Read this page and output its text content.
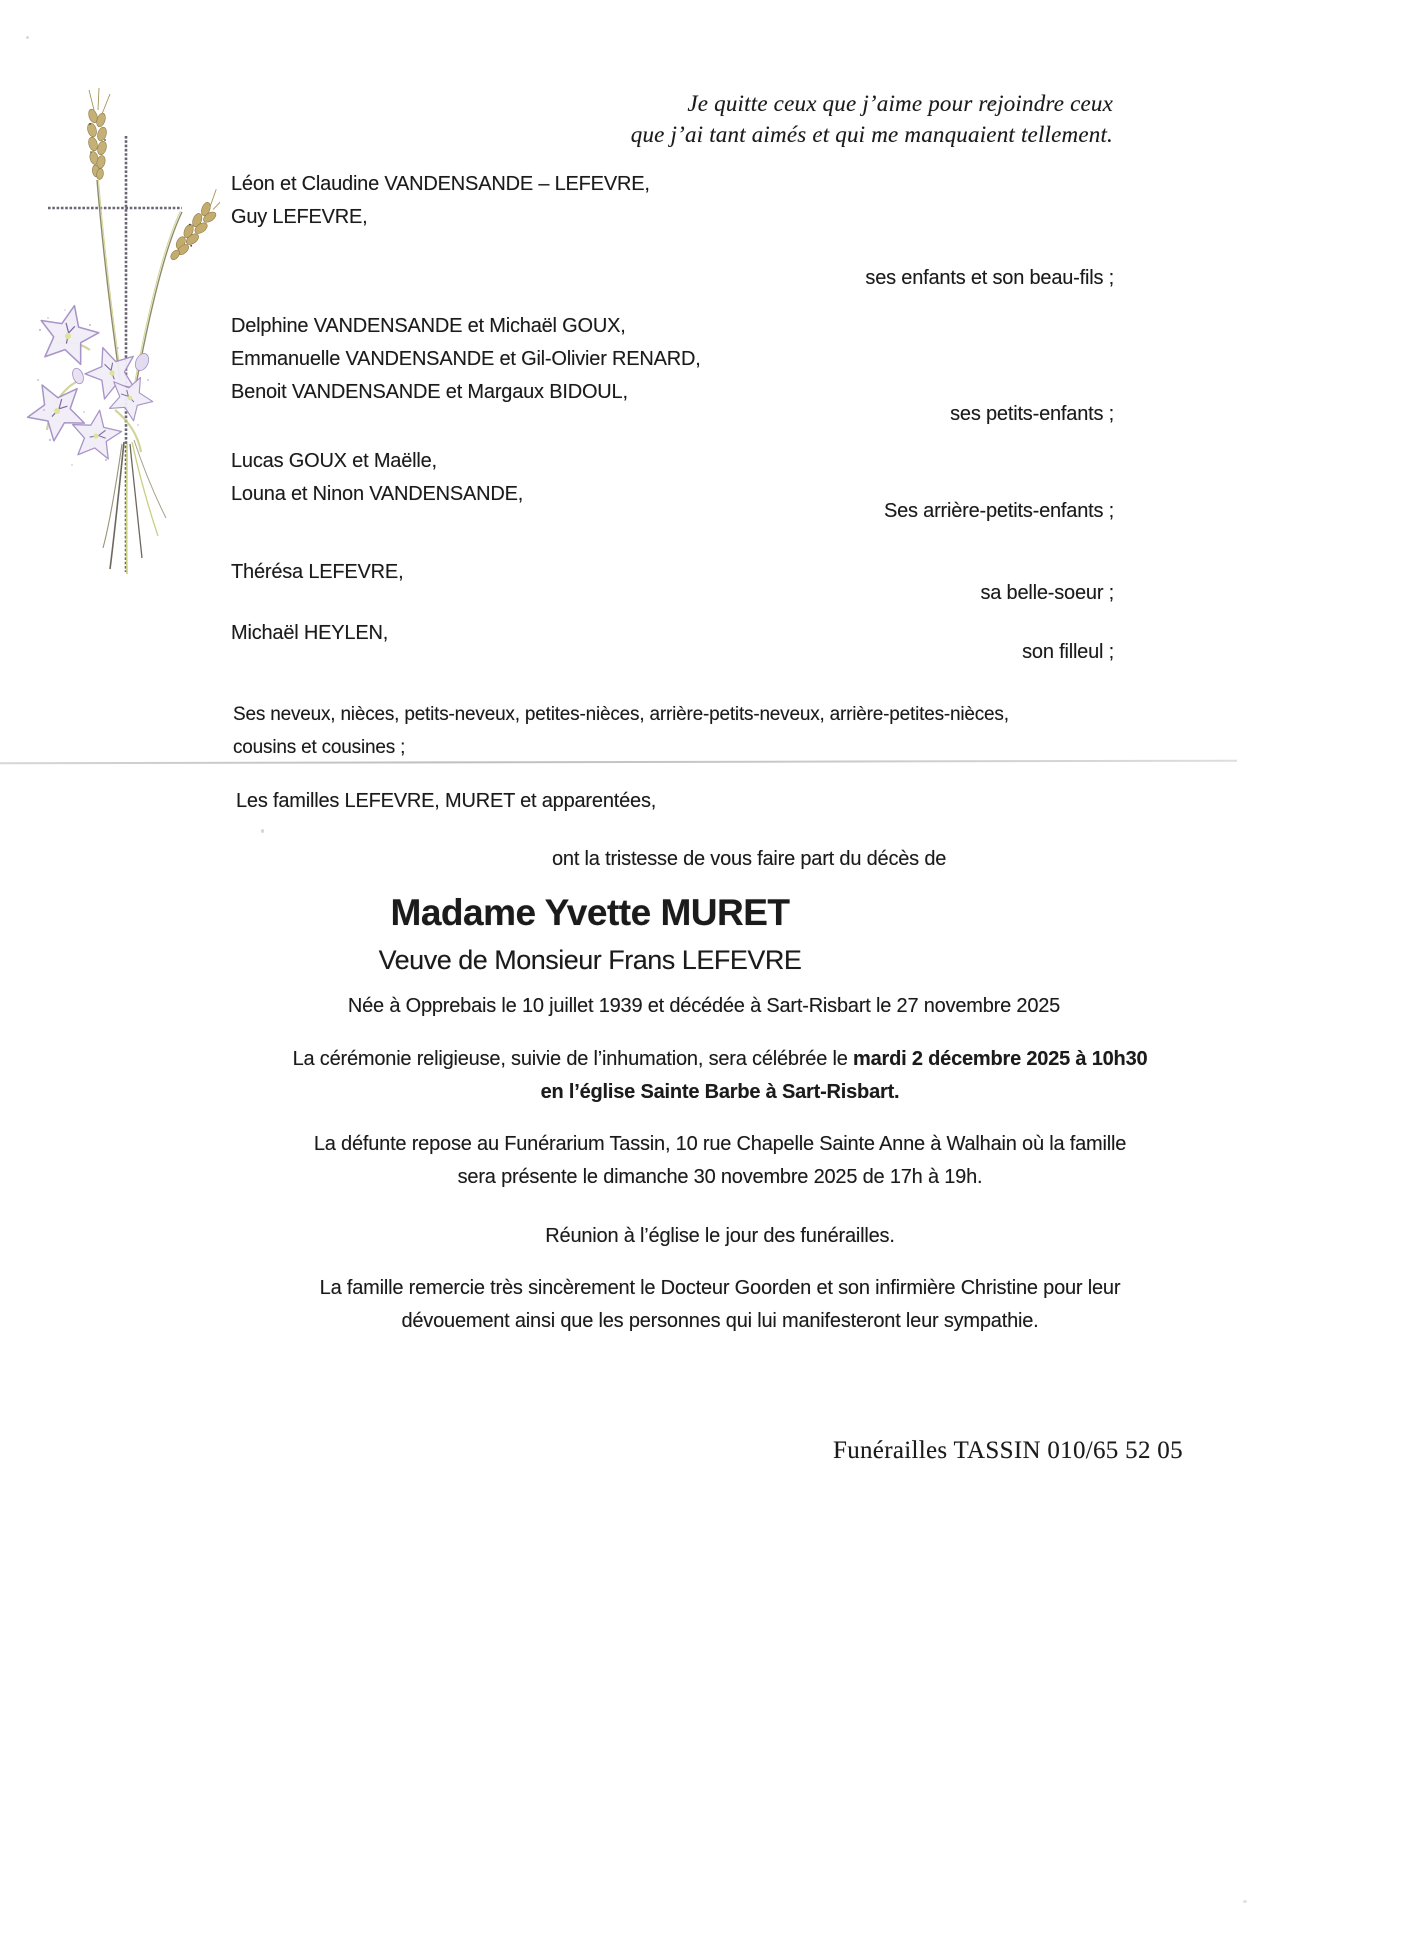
Je quitte ceux que j’aime pour rejoindre ceux
que j’ai tant aimés et qui me manquaient tellement.
Léon et Claudine VANDENSANDE – LEFEVRE,
Guy LEFEVRE,
ses enfants et son beau-fils ;
Delphine VANDENSANDE et Michaël GOUX,
Emmanuelle VANDENSANDE et Gil-Olivier RENARD,
Benoit VANDENSANDE et Margaux BIDOUL,
ses petits-enfants ;
Lucas GOUX et Maëlle,
Louna et Ninon VANDENSANDE,
Ses arrière-petits-enfants ;
Thérésa LEFEVRE,
sa belle-soeur ;
Michaël HEYLEN,
son filleul ;
Ses neveux, nièces, petits-neveux, petites-nièces, arrière-petits-neveux, arrière-petites-nièces,
cousins et cousines ;
Les familles LEFEVRE, MURET et apparentées,
ont la tristesse de vous faire part du décès de
Madame Yvette MURET
Veuve de Monsieur Frans LEFEVRE
Née à Opprebais le 10 juillet 1939 et décédée à Sart-Risbart le 27 novembre 2025
La cérémonie religieuse, suivie de l’inhumation, sera célébrée le mardi 2 décembre 2025 à 10h30
en l’église Sainte Barbe à Sart-Risbart.
La défunte repose au Funérarium Tassin, 10 rue Chapelle Sainte Anne à Walhain où la famille
sera présente le dimanche 30 novembre 2025 de 17h à 19h.
Réunion à l’église le jour des funérailles.
La famille remercie très sincèrement le Docteur Goorden et son infirmière Christine pour leur
dévouement ainsi que les personnes qui lui manifesteront leur sympathie.
Funérailles TASSIN 010/65 52 05
